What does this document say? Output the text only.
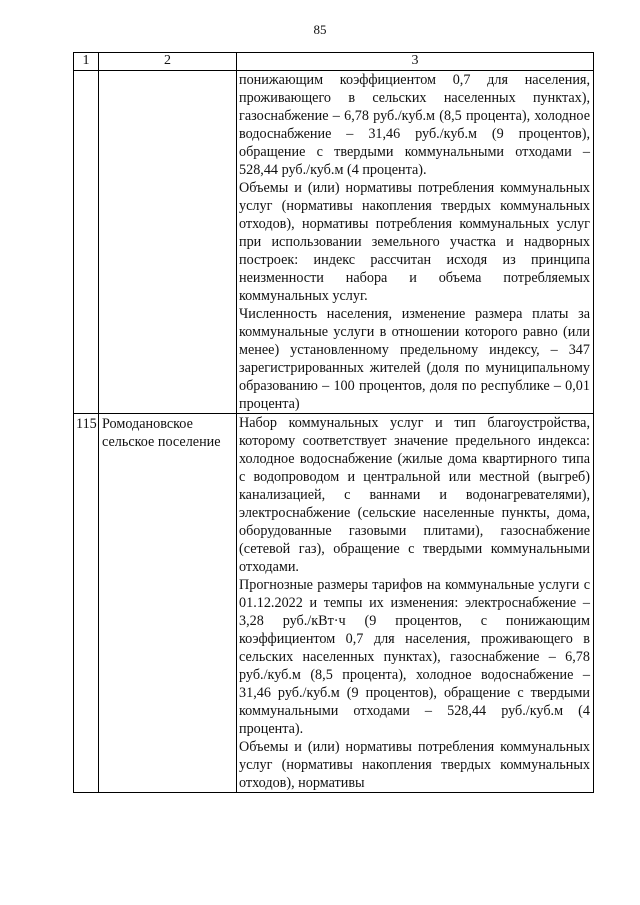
85
1	2	3

		понижающим коэффициентом 0,7 для населения, проживающего в сельских населенных пунктах), газоснабжение – 6,78 руб./куб.м (8,5 процента), холодное водоснабжение – 31,46 руб./куб.м (9 процентов), обращение с твердыми коммунальными отходами – 528,44 руб./куб.м (4 процента).

Объемы и (или) нормативы потребления коммунальных услуг (нормативы накопления твердых коммунальных отходов), нормативы потребления коммунальных услуг при использовании земельного участка и надворных построек: индекс рассчитан исходя из принципа неизменности набора и объема потребляемых коммунальных услуг.

Численность населения, изменение размера платы за коммунальные услуги в отношении которого равно (или менее) установленному предельному индексу, – 347 зарегистрированных жителей (доля по муниципальному образованию – 100 процентов, доля по республике – 0,01 процента)

115	Ромодановское сельское поселение	Набор коммунальных услуг и тип благоустройства, которому соответствует значение предельного индекса: холодное водоснабжение (жилые дома квартирного типа с водопроводом и центральной или местной (выгреб) канализацией, с ваннами и водонагревателями), электроснабжение (сельские населенные пункты, дома, оборудованные газовыми плитами), газоснабжение (сетевой газ), обращение с твердыми коммунальными отходами.

Прогнозные размеры тарифов на коммунальные услуги с 01.12.2022 и темпы их изменения: электроснабжение – 3,28 руб./кВт·ч (9 процентов, с понижающим коэффициентом 0,7 для населения, проживающего в сельских населенных пунктах), газоснабжение – 6,78 руб./куб.м (8,5 процента), холодное водоснабжение – 31,46 руб./куб.м (9 процентов), обращение с твердыми коммунальными отходами – 528,44 руб./куб.м (4 процента).

Объемы и (или) нормативы потребления коммунальных услуг (нормативы накопления твердых коммунальных отходов), нормативы
